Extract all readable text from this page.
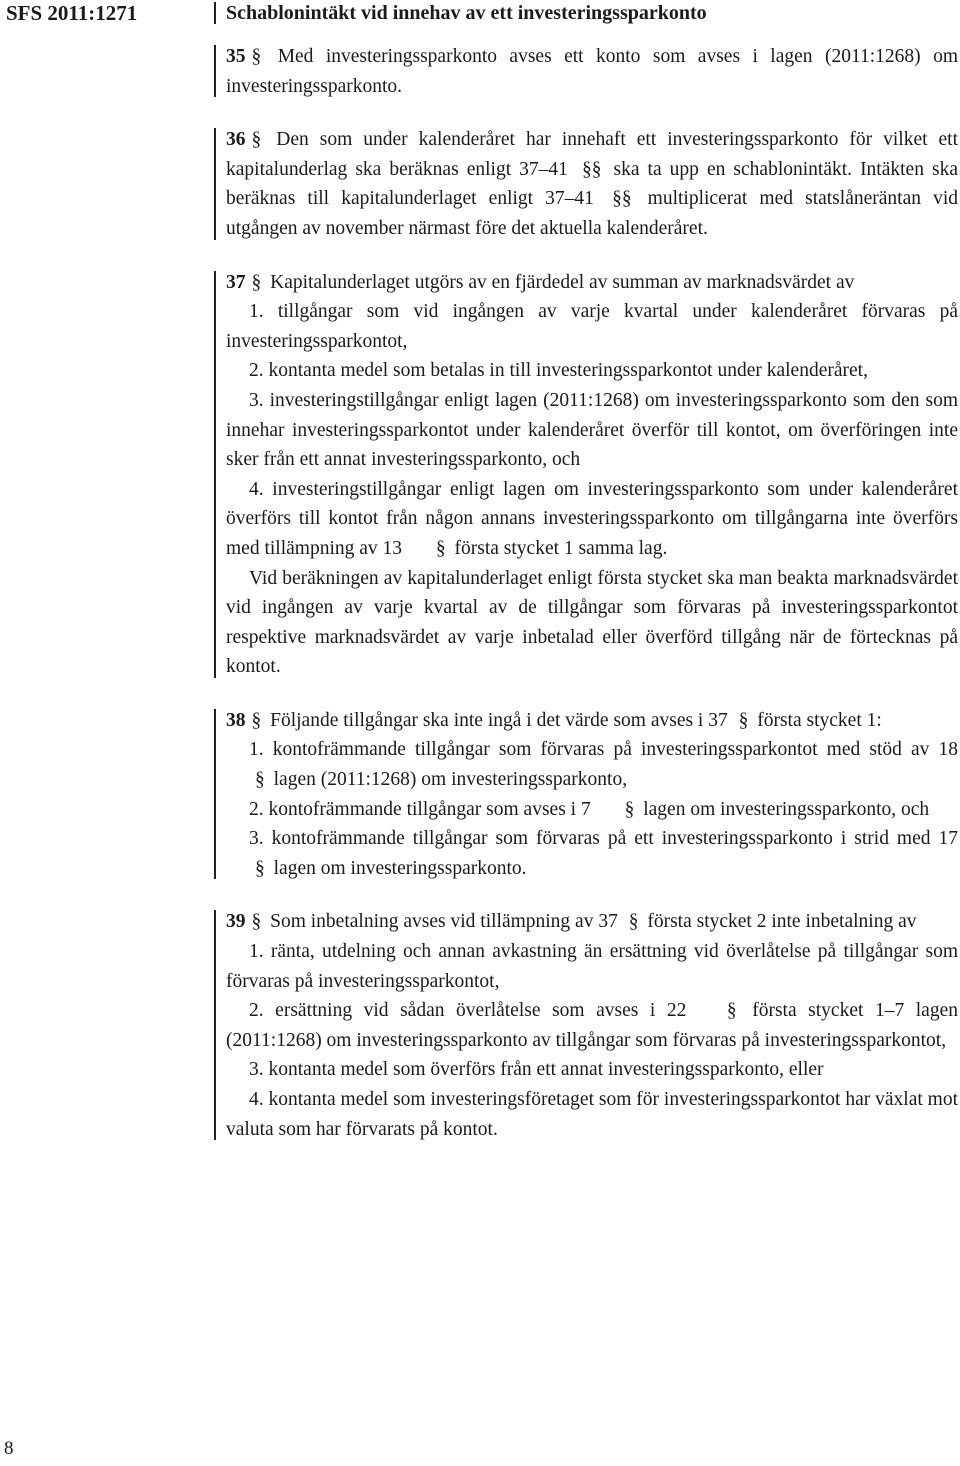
SFS 2011:1271
8
Schablonintäkt vid innehav av ett investeringssparkonto

35 § Med investeringssparkonto avses ett konto som avses i lagen (2011:1268) om investeringssparkonto.

36 § Den som under kalenderåret har innehaft ett investeringssparkonto för vilket ett kapitalunderlag ska beräknas enligt 37–41 §§ ska ta upp en schablonintäkt. Intäkten ska beräknas till kapitalunderlaget enligt 37–41 §§ multiplicerat med statslåneräntan vid utgången av november närmast före det aktuella kalenderåret.

37 § Kapitalunderlaget utgörs av en fjärdedel av summan av marknadsvärdet av

1. tillgångar som vid ingången av varje kvartal under kalenderåret förvaras på investeringssparkontot,

2. kontanta medel som betalas in till investeringssparkontot under kalenderåret,

3. investeringstillgångar enligt lagen (2011:1268) om investeringssparkonto som den som innehar investeringssparkontot under kalenderåret överför till kontot, om överföringen inte sker från ett annat investeringssparkonto, och

4. investeringstillgångar enligt lagen om investeringssparkonto som under kalenderåret överförs till kontot från någon annans investeringssparkonto om tillgångarna inte överförs med tillämpning av 13 § första stycket 1 samma lag.

Vid beräkningen av kapitalunderlaget enligt första stycket ska man beakta marknadsvärdet vid ingången av varje kvartal av de tillgångar som förvaras på investeringssparkontot respektive marknadsvärdet av varje inbetalad eller överförd tillgång när de förtecknas på kontot.

38 § Följande tillgångar ska inte ingå i det värde som avses i 37 § första stycket 1:

1. kontofrämmande tillgångar som förvaras på investeringssparkontot med stöd av 18 § lagen (2011:1268) om investeringssparkonto,

2. kontofrämmande tillgångar som avses i 7 § lagen om investeringssparkonto, och

3. kontofrämmande tillgångar som förvaras på ett investeringssparkonto i strid med 17 § lagen om investeringssparkonto.

39 § Som inbetalning avses vid tillämpning av 37 § första stycket 2 inte inbetalning av

1. ränta, utdelning och annan avkastning än ersättning vid överlåtelse på tillgångar som förvaras på investeringssparkontot,

2. ersättning vid sådan överlåtelse som avses i 22 § första stycket 1–7 lagen (2011:1268) om investeringssparkonto av tillgångar som förvaras på investeringssparkontot,

3. kontanta medel som överförs från ett annat investeringssparkonto, eller

4. kontanta medel som investeringsföretaget som för investeringssparkontot har växlat mot valuta som har förvarats på kontot.
